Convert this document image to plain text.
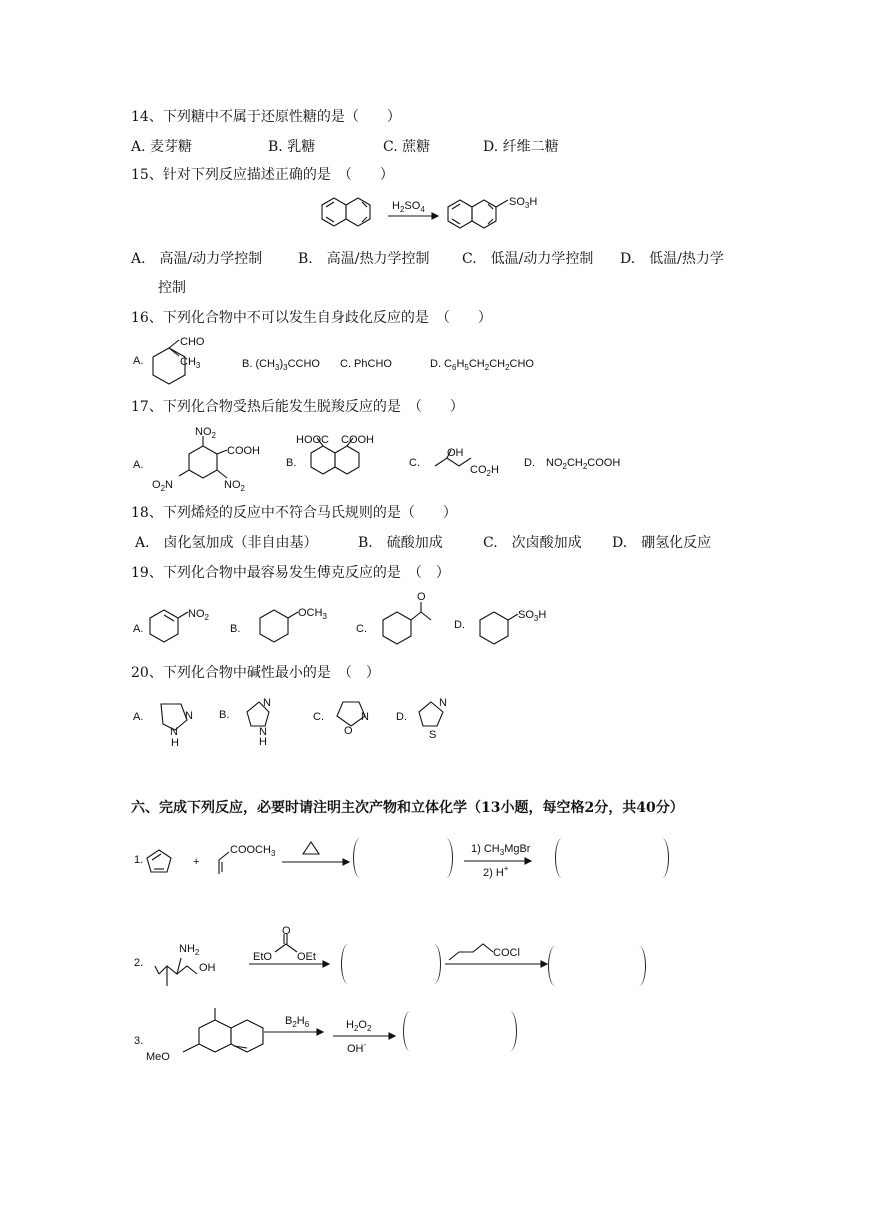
14、下列糖中不属于还原性糖的是（　　）
A. 麦芽糖	B. 乳糖	C. 蔗糖	D. 纤维二糖
15、针对下列反应描述正确的是　（　　）
$H_2SO_4$
$SO_3H$
A.　高温/动力学控制	B.　高温/热力学控制 C.　低温/动力学控制 D.　低温/热力学
控制
16、下列化合物中不可以发生自身歧化反应的是　（　　）
A.
CHO
$CH_3$	B. $(CH_3)_3CCHO$ C. PhCHO	D. $C_6H_5CH_2CH_2CHO$
17、下列化合物受热后能发生脱羧反应的是　（　　）
A.
$NO_2$
COOH
$O_2N$	$NO_2$
B.
HOOC COOH
C.
OH
$CO_2H$
D.　$NO_2CH_2COOH$
18、下列烯烃的反应中不符合马氏规则的是（　　）
A.　卤化氢加成（非自由基）	B.　硫酸加成	C.　次卤酸加成 D.　硼氢化反应
19、下列化合物中最容易发生傅克反应的是　（　）
A.
$NO_2$
B.
$OCH_3$
C.
O
D.
$SO_3H$
20、下列化合物中碱性最小的是　（　）
A.	N
N
H
B.
N
N
H
C.	N
O
D.
N
S
六、完成下列反应，必要时请注明主次产物和立体化学（13小题，每空格2分，共40分）
1.	+
$COOCH_3$	1) $CH_3MgBr$
2) H+
2.
$NH_2$
OH
O
EtO OEt	COCl
3.
MeO
$B_2H_6$	$H_2O_2$
OH-
